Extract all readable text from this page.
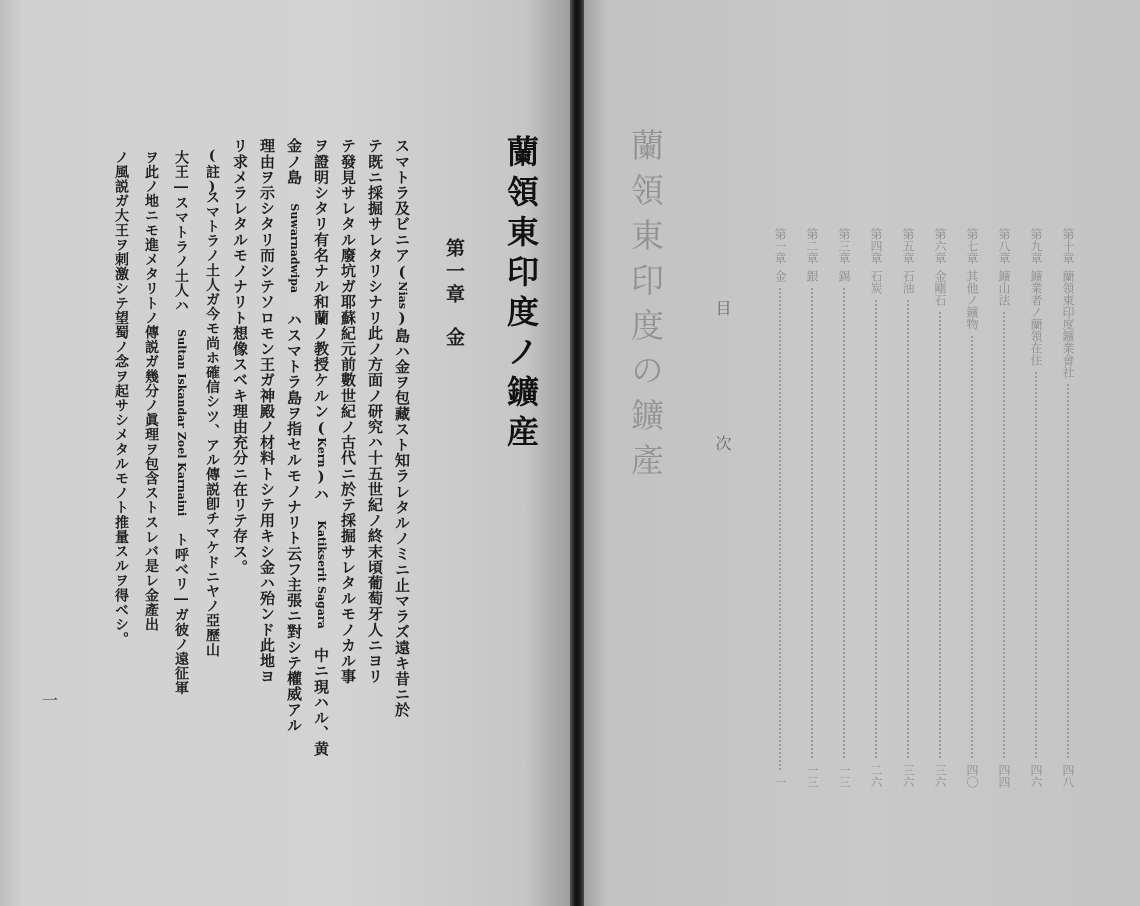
蘭領東印度ノ鑛産
第一章金
スマトラ及ビニア(Nias)島ハ金ヲ包藏スト知ラレタルノミニ止マラズ遠キ昔ニ於
テ既ニ採掘サレタリシナリ此ノ方面ノ研究ハ十五世紀ノ終末頃葡萄牙人ニヨリ
テ發見サレタル廢坑ガ耶蘇紀元前數世紀ノ古代ニ於テ採掘サレタルモノカル事
ヲ證明シタリ有名ナル和蘭ノ教授ケルン(Kern)ハ Katikserit Sagara 中ニ現ハル、黄
金ノ島 Suwarnadwipa ハスマトラ島ヲ指セルモノナリト云フ主張ニ對シテ權威アル
理由ヲ示シタリ而シテソロモン王ガ神殿ノ材料トシテ用キシ金ハ殆ンド此地ヨ
リ求メラレタルモノナリト想像スベキ理由充分ニ在リテ存ス。
(註)
スマトラノ土人ガ今モ尚ホ確信シツ、アル傳説卽チマケドニヤノ亞歷山
大王―スマトラノ土人ハ Sultan Iskandar Zoel Karnaini ト呼べリ―ガ彼ノ遠征軍
ヲ此ノ地ニモ進メタリトノ傳説ガ幾分ノ眞理ヲ包含ストスレバ是レ金產出
ノ風説ガ大王ヲ刺激シテ望蜀ノ念ヲ起サシメタルモノト推量スルヲ得ベシ。
一

蘭領東印度の鑛產	目 次
第一章
金
一
第二章
銀
一三
第三章
錫
一三
第四章
石炭
二六
第五章
石油
三六
第六章
金剛石
三六
第七章
其他ノ鑛物
四〇
第八章
鑛山法
四四
第九章
鑛業者ノ蘭領在住
四六
第十章
蘭領東印度鑛業會社
四八
